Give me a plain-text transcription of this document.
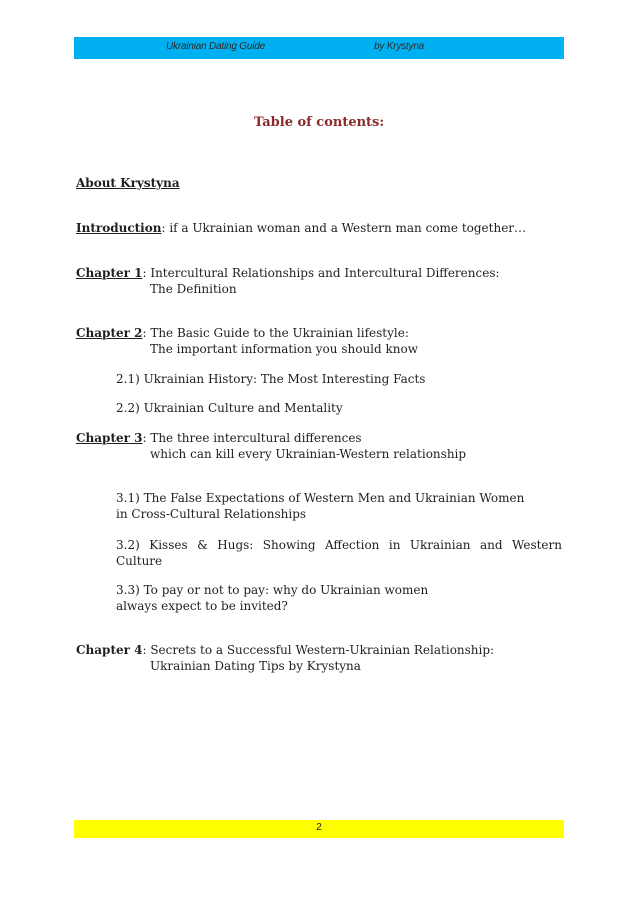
Ukrainian Dating Guide	by Krystyna
Table of contents:
About Krystyna
Introduction: if a Ukrainian woman and a Western man come together…
Chapter 1: Intercultural Relationships and Intercultural Differences:
The Definition
Chapter 2: The Basic Guide to the Ukrainian lifestyle:
The important information you should know
2.1) Ukrainian History: The Most Interesting Facts
2.2) Ukrainian Culture and Mentality
Chapter 3: The three intercultural differences
which can kill every Ukrainian-Western relationship
3.1) The False Expectations of Western Men and Ukrainian Women
in Cross-Cultural Relationships
3.2) Kisses & Hugs: Showing Affection in Ukrainian and Western
Culture
3.3) To pay or not to pay: why do Ukrainian women
always expect to be invited?
Chapter 4: Secrets to a Successful Western-Ukrainian Relationship:
Ukrainian Dating Tips by Krystyna
2
